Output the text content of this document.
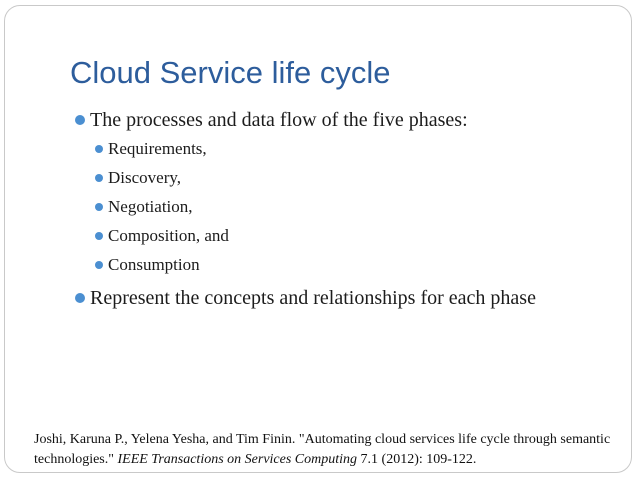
Cloud Service life cycle
The processes and data flow of the five phases:
Requirements,
Discovery,
Negotiation,
Composition, and
Consumption
Represent the concepts and relationships for each phase
Joshi, Karuna P., Yelena Yesha, and Tim Finin. "Automating cloud services life cycle through semantic
technologies." IEEE Transactions on Services Computing 7.1 (2012): 109-122.
